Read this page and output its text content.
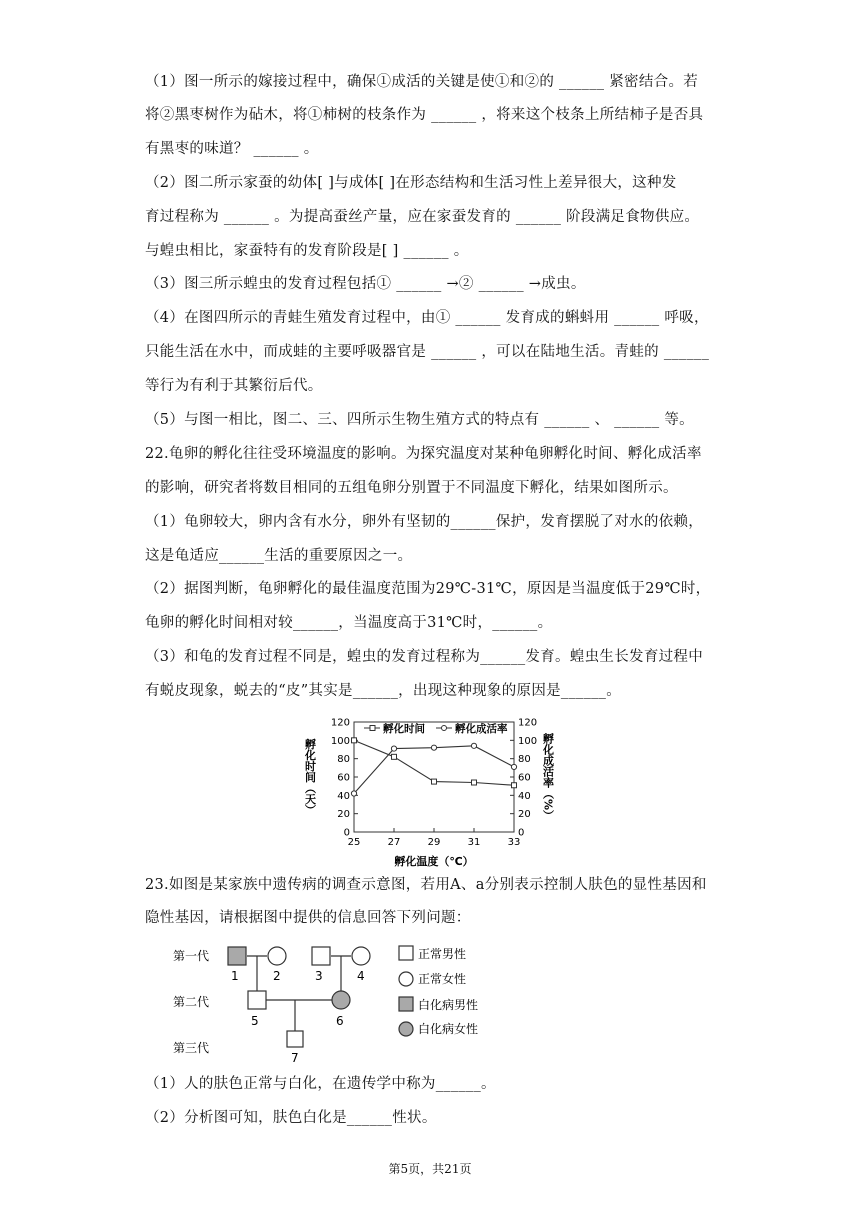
（1）图一所示的嫁接过程中，确保①成活的关键是使①和②的 ______ 紧密结合。若
将②黑枣树作为砧木，将①柿树的枝条作为 ______ ，将来这个枝条上所结柿子是否具
有黑枣的味道？ ______ 。
（2）图二所示家蚕的幼体[ ]与成体[ ]在形态结构和生活习性上差异很大，这种发
育过程称为 ______ 。为提高蚕丝产量，应在家蚕发育的 ______ 阶段满足食物供应。
与蝗虫相比，家蚕特有的发育阶段是[ ] ______ 。
（3）图三所示蝗虫的发育过程包括① ______ →② ______ →成虫。
（4）在图四所示的青蛙生殖发育过程中，由① ______ 发育成的蝌蚪用 ______ 呼吸，
只能生活在水中，而成蛙的主要呼吸器官是 ______ ，可以在陆地生活。青蛙的 ______
等行为有利于其繁衍后代。
（5）与图一相比，图二、三、四所示生物生殖方式的特点有 ______ 、 ______ 等。
22.龟卵的孵化往往受环境温度的影响。为探究温度对某种龟卵孵化时间、孵化成活率
的影响，研究者将数目相同的五组龟卵分别置于不同温度下孵化，结果如图所示。
（1）龟卵较大，卵内含有水分，卵外有坚韧的______保护，发育摆脱了对水的依赖，
这是龟适应______生活的重要原因之一。
（2）据图判断，龟卵孵化的最佳温度范围为29℃-31℃，原因是当温度低于29℃时，
龟卵的孵化时间相对较______，当温度高于31℃时，______。
（3）和龟的发育过程不同是，蝗虫的发育过程称为______发育。蝗虫生长发育过程中
有蜕皮现象，蜕去的“皮”其实是______，出现这种现象的原因是______。
0	0
20	20
40	40
60	60
80	80
100	100
120	120
25	27	29	31	33
孵化温度（℃）
孵化时间（天）	孵化成活率（%）
孵化时间	孵化成活率
23.如图是某家族中遗传病的调查示意图，若用A、a分别表示控制人肤色的显性基因和
隐性基因，请根据图中提供的信息回答下列问题：
第一代
第二代
第三代
1	2	3	4
5	6
7
正常男性
正常女性
白化病男性
白化病女性
（1）人的肤色正常与白化，在遗传学中称为______。
（2）分析图可知，肤色白化是______性状。
第5页，共21页
